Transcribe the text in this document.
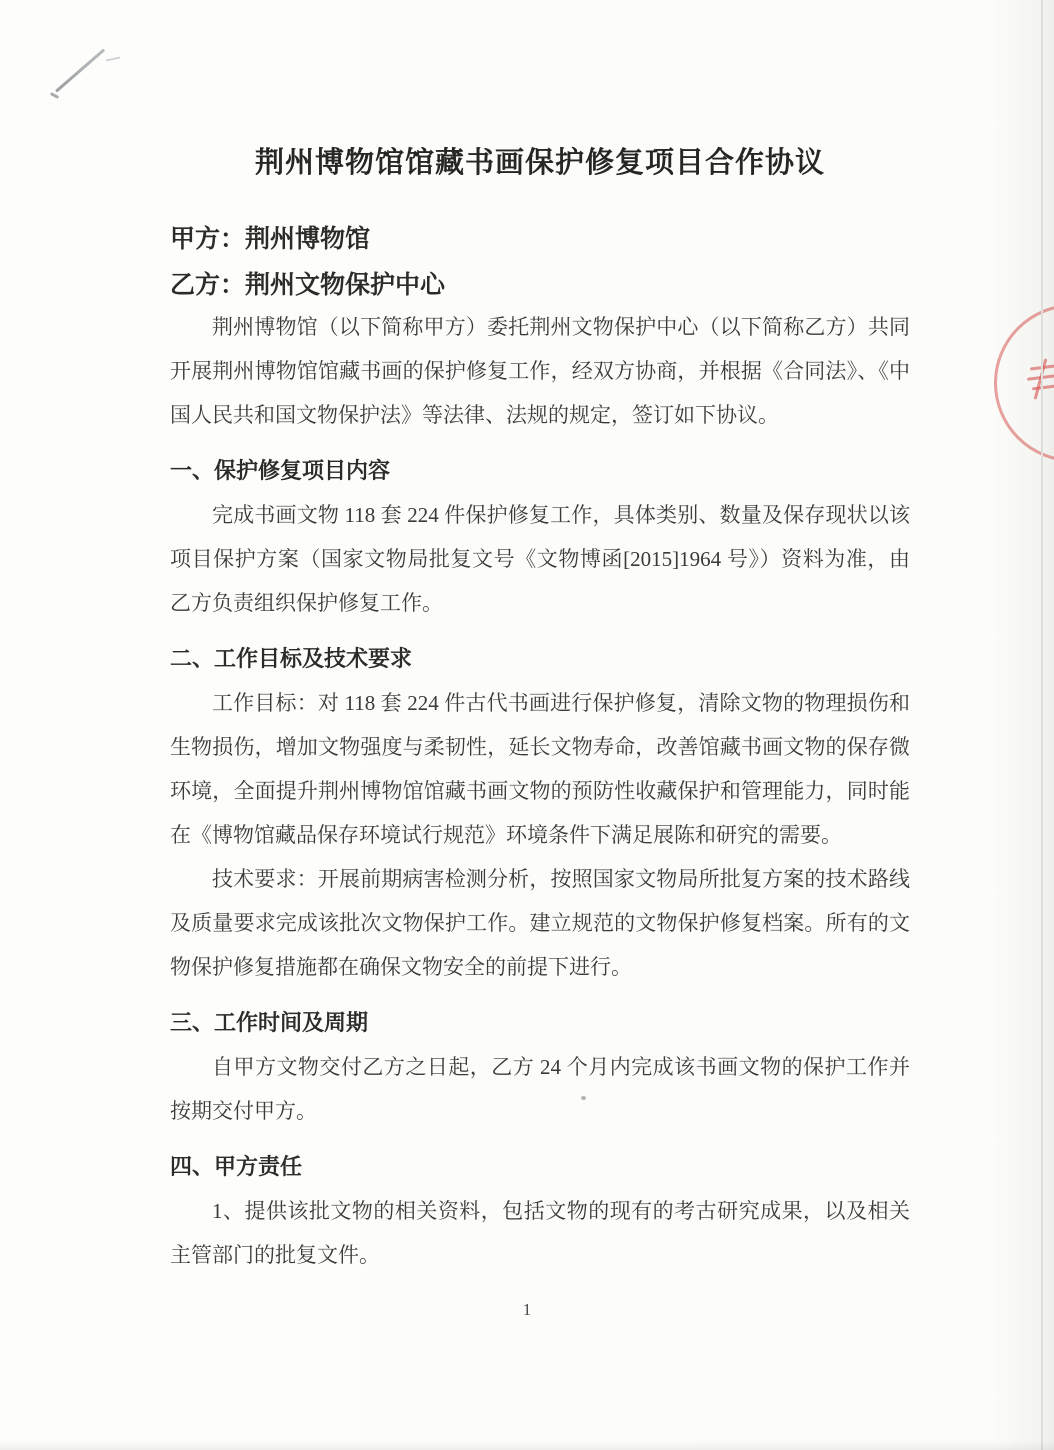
荆州博物馆馆藏书画保护修复项目合作协议

甲方：荆州博物馆

乙方：荆州文物保护中心

荆州博物馆（以下简称甲方）委托荆州文物保护中心（以下简称乙方）共同开展荆州博物馆馆藏书画的保护修复工作，经双方协商，并根据《合同法》、《中国人民共和国文物保护法》等法律、法规的规定，签订如下协议。

一、保护修复项目内容

完成书画文物 118 套 224 件保护修复工作，具体类别、数量及保存现状以该项目保护方案（国家文物局批复文号《文物博函[2015]1964 号》）资料为准，由乙方负责组织保护修复工作。

二、工作目标及技术要求

工作目标：对 118 套 224 件古代书画进行保护修复，清除文物的物理损伤和生物损伤，增加文物强度与柔韧性，延长文物寿命，改善馆藏书画文物的保存微环境，全面提升荆州博物馆馆藏书画文物的预防性收藏保护和管理能力，同时能在《博物馆藏品保存环境试行规范》环境条件下满足展陈和研究的需要。

技术要求：开展前期病害检测分析，按照国家文物局所批复方案的技术路线及质量要求完成该批次文物保护工作。建立规范的文物保护修复档案。所有的文物保护修复措施都在确保文物安全的前提下进行。

三、工作时间及周期

自甲方文物交付乙方之日起，乙方 24 个月内完成该书画文物的保护工作并按期交付甲方。

四、甲方责任

1、提供该批文物的相关资料，包括文物的现有的考古研究成果，以及相关主管部门的批复文件。

1
